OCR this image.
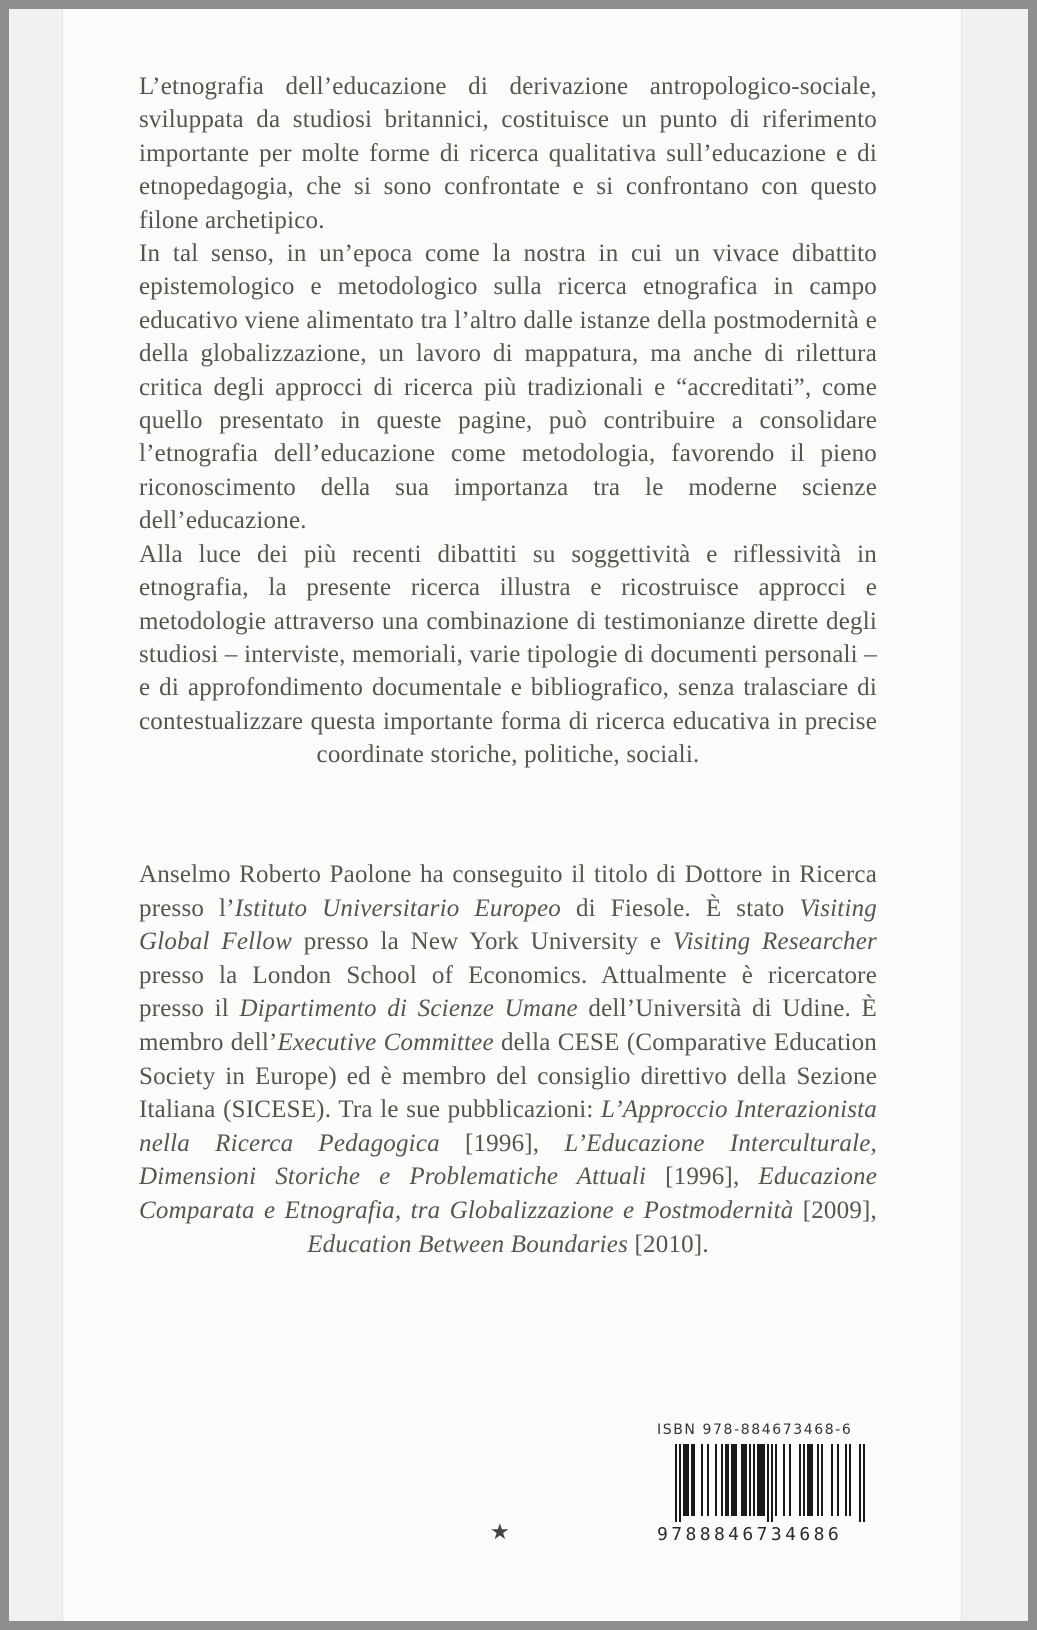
L’etnografia dell’educazione di derivazione antropologico-sociale, sviluppata da studiosi britannici, costituisce un punto di riferimento importante per molte forme di ricerca qualitativa sull’educazione e di etnopedagogia, che si sono confrontate e si confrontano con questo filone archetipico.

In tal senso, in un’epoca come la nostra in cui un vivace dibattito epistemologico e metodologico sulla ricerca etnografica in campo educativo viene alimentato tra l’altro dalle istanze della postmodernità e della globalizzazione, un lavoro di mappatura, ma anche di rilettura critica degli approcci di ricerca più tradizionali e “accreditati”, come quello presentato in queste pagine, può contribuire a consolidare l’etnografia dell’educazione come metodologia, favorendo il pieno riconoscimento della sua importanza tra le moderne scienze dell’educazione.

Alla luce dei più recenti dibattiti su soggettività e riflessività in etnografia, la presente ricerca illustra e ricostruisce approcci e metodologie attraverso una combinazione di testimonianze dirette degli studiosi – interviste, memoriali, varie tipologie di documenti personali – e di approfondimento documentale e bibliografico, senza tralasciare di contestualizzare questa importante forma di ricerca educativa in precise coordinate storiche, politiche, sociali.

Anselmo Roberto Paolone ha conseguito il titolo di Dottore in Ricerca presso l’Istituto Universitario Europeo di Fiesole. È stato Visiting Global Fellow presso la New York University e Visiting Researcher presso la London School of Economics. Attualmente è ricercatore presso il Dipartimento di Scienze Umane dell’Università di Udine. È membro dell’Executive Committee della CESE (Comparative Education Society in Europe) ed è membro del consiglio direttivo della Sezione Italiana (SICESE). Tra le sue pubblicazioni: L’Approccio Interazionista nella Ricerca Pedagogica [1996], L’Educazione Interculturale, Dimensioni Storiche e Problematiche Attuali [1996], Educazione Comparata e Etnografia, tra Globalizzazione e Postmodernità [2009], Education Between Boundaries [2010].
ISBN 978-884673468-6
9788846734686
★
